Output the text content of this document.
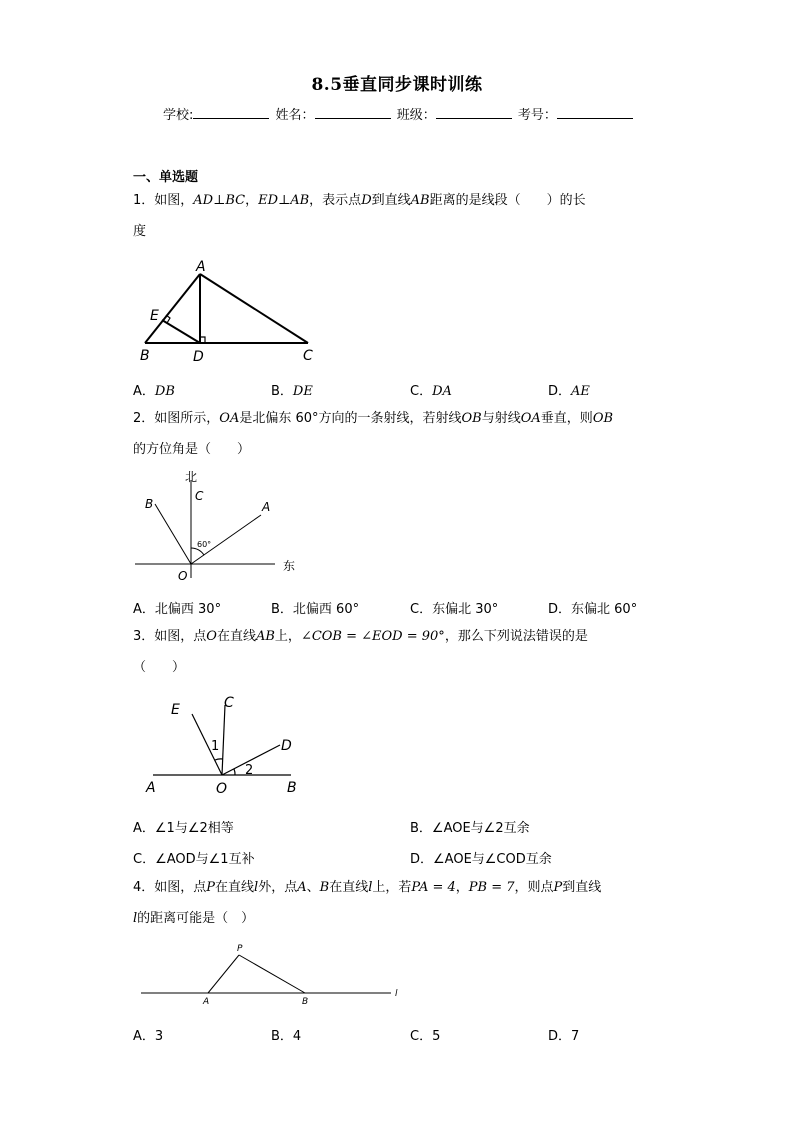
8.5垂直同步课时训练
学校:	姓名：	班级：	考号：
一、单选题
1．如图，AD⊥BC，ED⊥AB，表示点D到直线AB距离的是线段（　　）的长
度
A
B	C
D
E
A．DB	B．DE	C．DA	D．AE
2．如图所示，OA是北偏东 60°方向的一条射线，若射线OB与射线OA垂直，则OB
的方位角是（　　）
北
东
A
B
C
O
60°
A．北偏西 30°	B．北偏西 60°	C．东偏北 30°	D．东偏北 60°
3．如图，点O在直线AB上，∠COB = ∠EOD = 90°，那么下列说法错误的是
（　　）
A	B
C
D
E
O
1
2
A．∠1与∠2相等	B．∠AOE与∠2互余
C．∠AOD与∠1互补	D．∠AOE与∠COD互余
4．如图，点P在直线l外，点A、B在直线l上，若PA = 4，PB = 7，则点P到直线
l的距离可能是（　）
P
A	B
l
A．3	B．4	C．5	D．7
